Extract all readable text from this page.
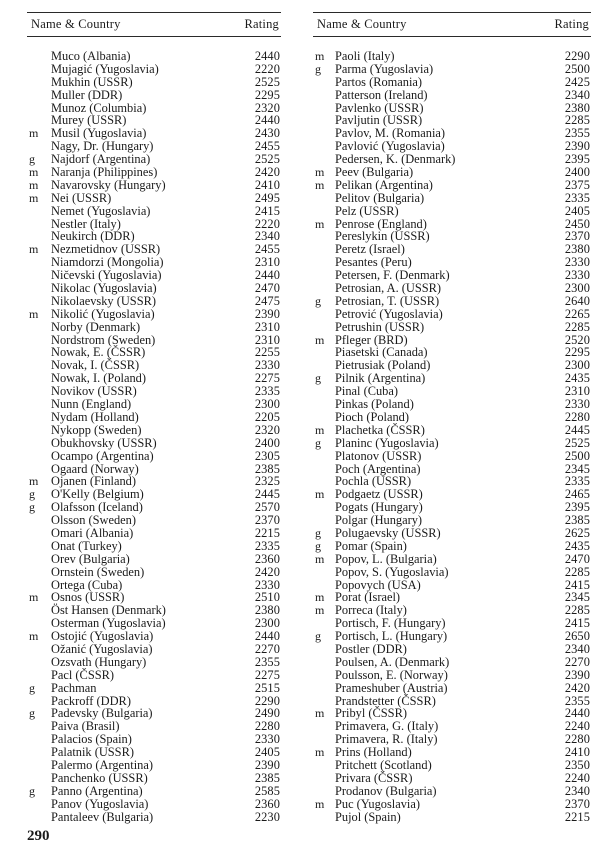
Name & Country	Rating
Muco (Albania)	2440
Mujagić (Yugoslavia)	2220
Mukhin (USSR)	2525
Muller (DDR)	2295
Munoz (Columbia)	2320
Murey (USSR)	2440
m	Musil (Yugoslavia)	2430
Nagy, Dr. (Hungary)	2455
g	Najdorf (Argentina)	2525
m	Naranja (Philippines)	2420
m	Navarovsky (Hungary)	2410
m	Nei (USSR)	2495
Nemet (Yugoslavia)	2415
Nestler (Italy)	2220
Neukirch (DDR)	2340
m	Nezmetidnov (USSR)	2455
Niamdorzi (Mongolia)	2310
Ničevski (Yugoslavia)	2440
Nikolac (Yugoslavia)	2470
Nikolaevsky (USSR)	2475
m	Nikolić (Yugoslavia)	2390
Norby (Denmark)	2310
Nordstrom (Sweden)	2310
Nowak, E. (ČSSR)	2255
Novak, I. (ČSSR)	2330
Nowak, I. (Poland)	2275
Novikov (USSR)	2335
Nunn (England)	2300
Nydam (Holland)	2205
Nykopp (Sweden)	2320
Obukhovsky (USSR)	2400
Ocampo (Argentina)	2305
Ogaard (Norway)	2385
m	Ojanen (Finland)	2325
g	O'Kelly (Belgium)	2445
g	Olafsson (Iceland)	2570
Olsson (Sweden)	2370
Omari (Albania)	2215
Onat (Turkey)	2335
Orev (Bulgaria)	2360
Ornstein (Sweden)	2420
Ortega (Cuba)	2330
m	Osnos (USSR)	2510
Öst Hansen (Denmark)	2380
Osterman (Yugoslavia)	2300
m	Ostojić (Yugoslavia)	2440
Ožanić (Yugoslavia)	2270
Ozsvath (Hungary)	2355
Pacl (ČSSR)	2275
g	Pachman	2515
Packroff (DDR)	2290
g	Padevsky (Bulgaria)	2490
Paiva (Brasil)	2280
Palacios (Spain)	2330
Palatnik (USSR)	2405
Palermo (Argentina)	2390
Panchenko (USSR)	2385
g	Panno (Argentina)	2585
Panov (Yugoslavia)	2360
Pantaleev (Bulgaria)	2230
Name & Country	Rating
m Paoli (Italy)	2290
g	Parma (Yugoslavia)	2500
Partos (Romania)	2425
Patterson (Ireland)	2340
Pavlenko (USSR)	2380
Pavljutin (USSR)	2285
Pavlov, M. (Romania)	2355
Pavlović (Yugoslavia)	2390
Pedersen, K. (Denmark)	2395
m Peev (Bulgaria)	2400
m Pelikan (Argentina)	2375
Pelitov (Bulgaria)	2335
Pelz (USSR)	2405
m Penrose (England)	2450
Pereslykin (USSR)	2370
Peretz (Israel)	2380
Pesantes (Peru)	2330
Petersen, F. (Denmark)	2330
Petrosian, A. (USSR)	2300
g	Petrosian, T. (USSR)	2640
Petrović (Yugoslavia)	2265
Petrushin (USSR)	2285
m Pfleger (BRD)	2520
Piasetski (Canada)	2295
Pietrusiak (Poland)	2300
g	Pilnik (Argentina)	2435
Pinal (Cuba)	2310
Pinkas (Poland)	2330
Pioch (Poland)	2280
m Plachetka (ČSSR)	2445
g	Planinc (Yugoslavia)	2525
Platonov (USSR)	2500
Poch (Argentina)	2345
Pochla (USSR)	2335
m Podgaetz (USSR)	2465
Pogats (Hungary)	2395
Polgar (Hungary)	2385
g	Polugaevsky (USSR)	2625
g	Pomar (Spain)	2435
m Popov, L. (Bulgaria)	2470
Popov, S. (Yugoslavia)	2285
Popovych (USA)	2415
m Porat (Israel)	2345
m Porreca (Italy)	2285
Portisch, F. (Hungary)	2415
g	Portisch, L. (Hungary)	2650
Postler (DDR)	2340
Poulsen, A. (Denmark)	2270
Poulsson, E. (Norway)	2390
Prameshuber (Austria)	2420
Prandstetter (ČSSR)	2355
m Pribyl (ČSSR)	2440
Primavera, G. (Italy)	2240
Primavera, R. (Italy)	2280
m Prins (Holland)	2410
Pritchett (Scotland)	2350
Privara (ČSSR)	2240
Prodanov (Bulgaria)	2340
m Puc (Yugoslavia)	2370
Pujol (Spain)	2215
290
